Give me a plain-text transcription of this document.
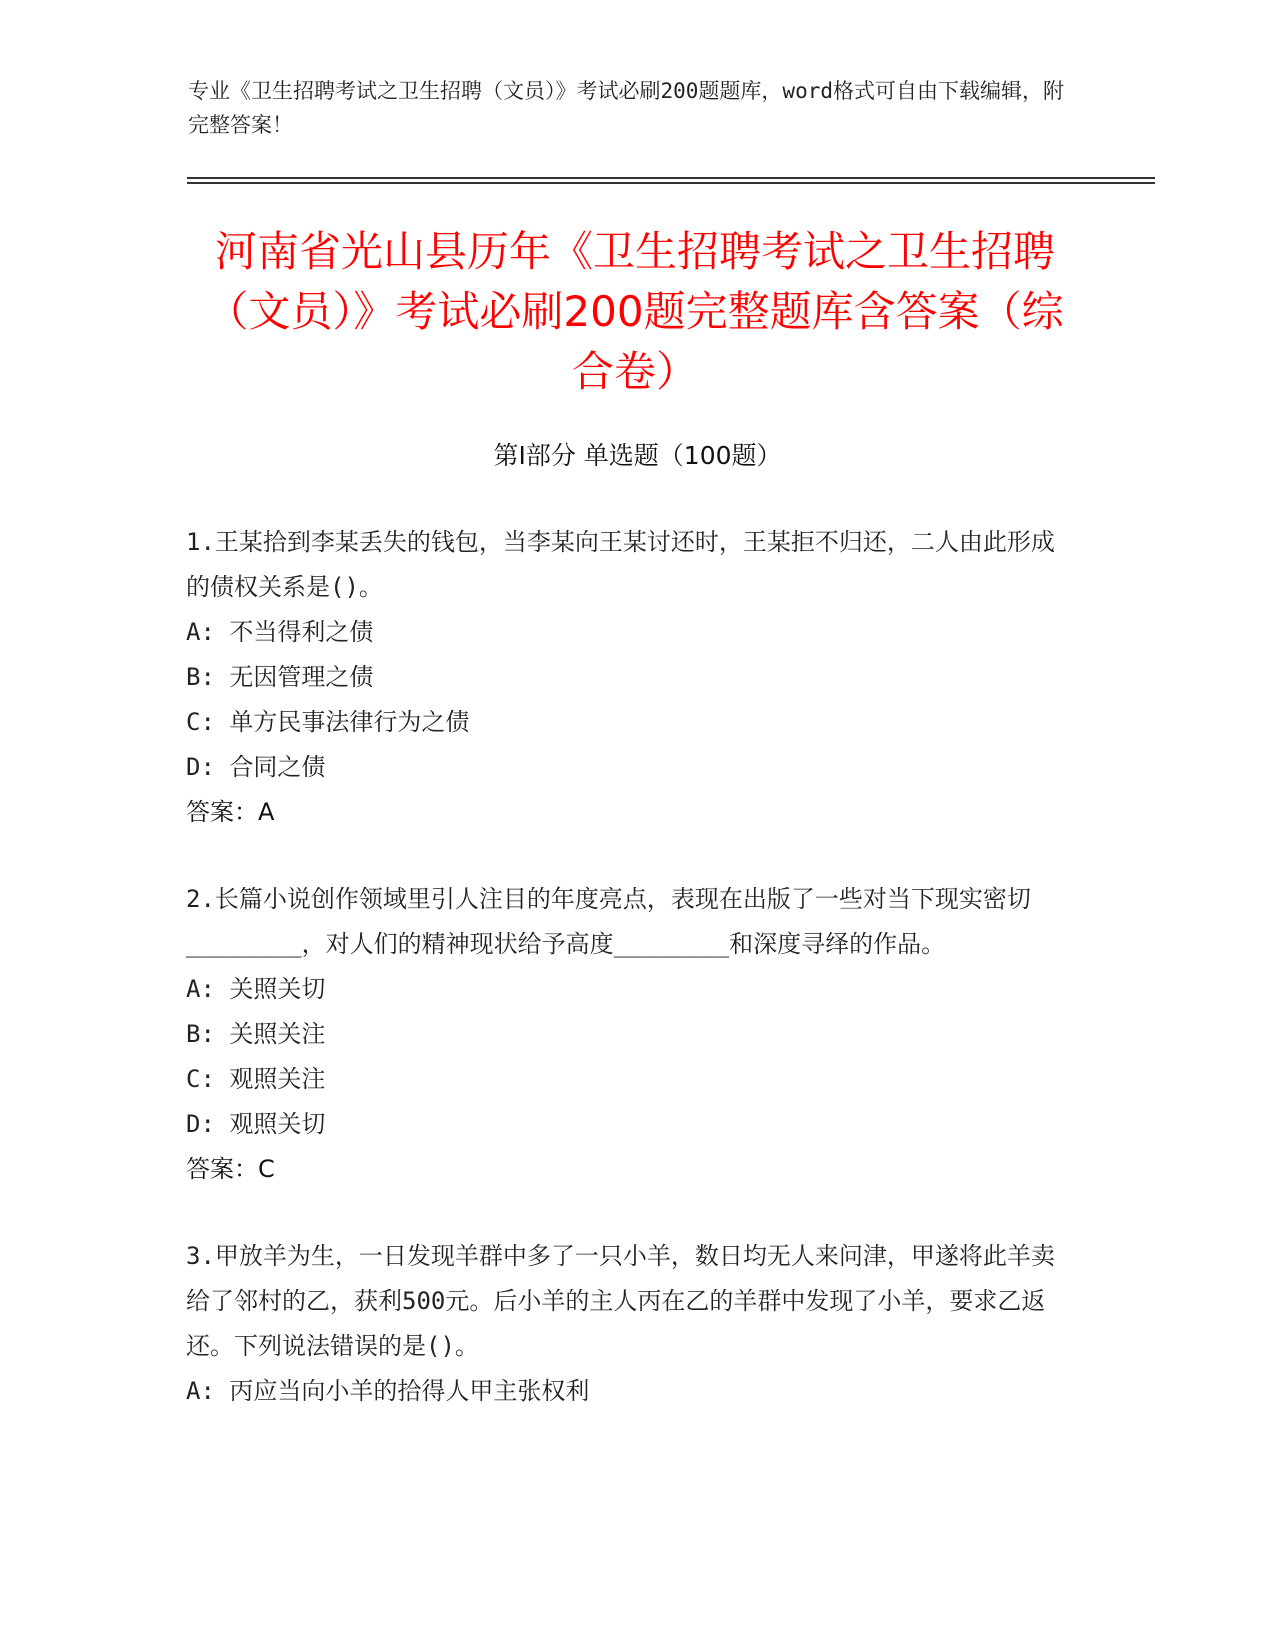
专业《卫生招聘考试之卫生招聘（文员）》考试必刷200题题库，word格式可自由下载编辑，附完整答案！
河南省光山县历年《卫生招聘考试之卫生招聘（文员）》考试必刷200题完整题库含答案（综合卷）
第I部分 单选题（100题）

1.王某拾到李某丢失的钱包，当李某向王某讨还时，王某拒不归还，二人由此形成的债权关系是()。

A: 不当得利之债

B: 无因管理之债

C: 单方民事法律行为之债

D: 合同之债

答案：A

2.长篇小说创作领域里引人注目的年度亮点，表现在出版了一些对当下现实密切________，对人们的精神现状给予高度________和深度寻绎的作品。

A: 关照关切

B: 关照关注

C: 观照关注

D: 观照关切

答案：C

3.甲放羊为生，一日发现羊群中多了一只小羊，数日均无人来问津，甲遂将此羊卖给了邻村的乙，获利500元。后小羊的主人丙在乙的羊群中发现了小羊，要求乙返还。下列说法错误的是()。

A: 丙应当向小羊的拾得人甲主张权利
